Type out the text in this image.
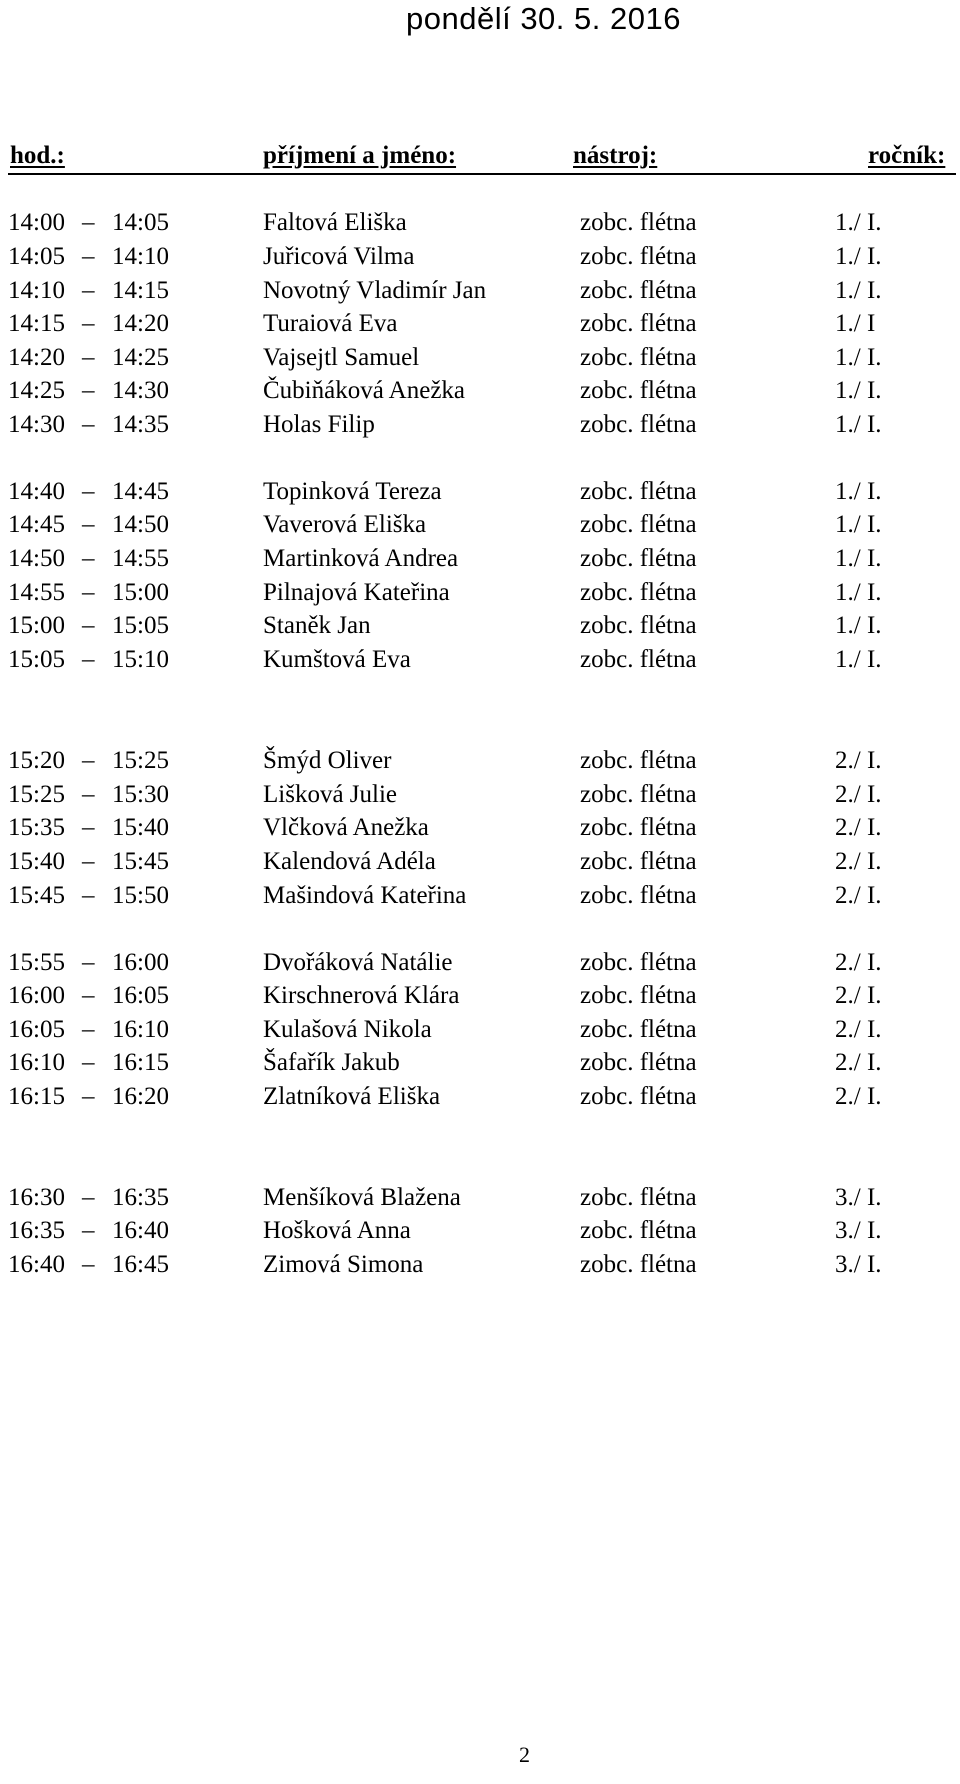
pondělí 30. 5. 2016
hod.:	příjmení a jméno:	nástroj:	ročník:
14:00 – 14:05	Faltová Eliška	zobc. flétna	1./ I.
14:05 – 14:10	Juřicová Vilma	zobc. flétna	1./ I.
14:10 – 14:15	Novotný Vladimír Jan	zobc. flétna	1./ I.
14:15 – 14:20	Turaiová Eva	zobc. flétna	1./ I
14:20 – 14:25	Vajsejtl Samuel	zobc. flétna	1./ I.
14:25 – 14:30	Čubiňáková Anežka	zobc. flétna	1./ I.
14:30 – 14:35	Holas Filip	zobc. flétna	1./ I.
14:40 – 14:45	Topinková Tereza	zobc. flétna	1./ I.
14:45 – 14:50	Vaverová Eliška	zobc. flétna	1./ I.
14:50 – 14:55	Martinková Andrea	zobc. flétna	1./ I.
14:55 – 15:00	Pilnajová Kateřina	zobc. flétna	1./ I.
15:00 – 15:05	Staněk Jan	zobc. flétna	1./ I.
15:05 – 15:10	Kumštová Eva	zobc. flétna	1./ I.
15:20 – 15:25	Šmýd Oliver	zobc. flétna	2./ I.
15:25 – 15:30	Lišková Julie	zobc. flétna	2./ I.
15:35 – 15:40	Vlčková Anežka	zobc. flétna	2./ I.
15:40 – 15:45	Kalendová Adéla	zobc. flétna	2./ I.
15:45 – 15:50	Mašindová Kateřina	zobc. flétna	2./ I.
15:55 – 16:00	Dvořáková Natálie	zobc. flétna	2./ I.
16:00 – 16:05	Kirschnerová Klára	zobc. flétna	2./ I.
16:05 – 16:10	Kulašová Nikola	zobc. flétna	2./ I.
16:10 – 16:15	Šafařík Jakub	zobc. flétna	2./ I.
16:15 – 16:20	Zlatníková Eliška	zobc. flétna	2./ I.
16:30 – 16:35	Menšíková Blažena	zobc. flétna	3./ I.
16:35 – 16:40	Hošková Anna	zobc. flétna	3./ I.
16:40 – 16:45	Zimová Simona	zobc. flétna	3./ I.
2
